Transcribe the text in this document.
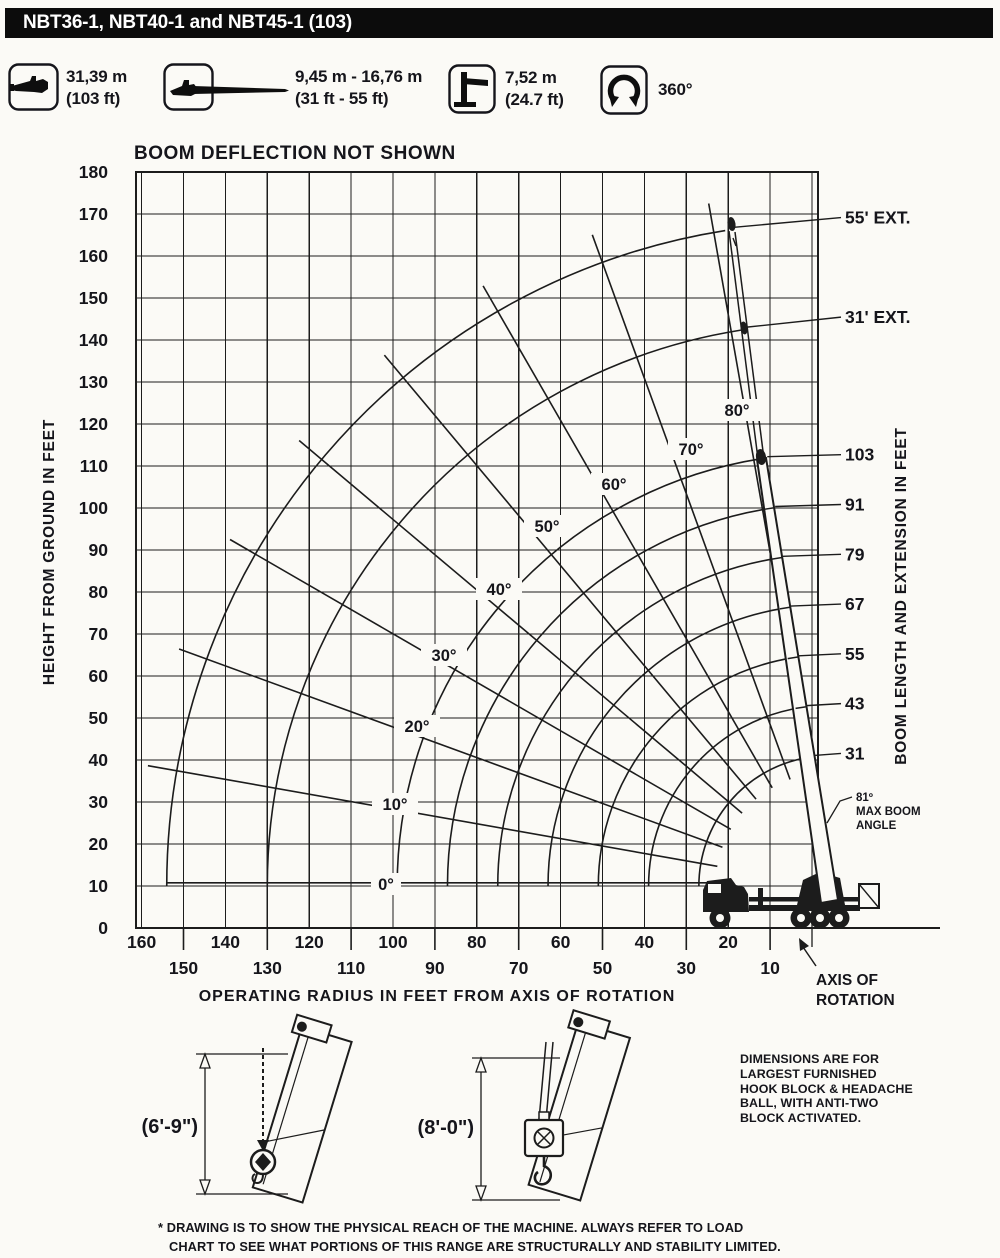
NBT36-1, NBT40-1 and NBT45-1 (103)
31,39 m
(103 ft)
9,45 m - 16,76 m
(31 ft - 55 ft)
7,52 m
(24.7 ft)
360°
31
43
55
67
79
91
103
31' EXT.
55' EXT.
0°
10°
20°
30°
40°
50°
60°
70°
80°
160
150
140
130
120
110
100
90
80
70
60
50
40
30
20
10
0
10
20
30
40
50
60
70
80
90
100
110
120
130
140
150
160
170
180
BOOM DEFLECTION NOT SHOWN
HEIGHT FROM GROUND IN FEET	BOOM LENGTH AND EXTENSION IN FEET
OPERATING RADIUS IN FEET FROM AXIS OF ROTATION
AXIS OF
ROTATION
81º
MAX BOOM
ANGLE
(6'-9")	(8'-0")
DIMENSIONS ARE FOR
LARGEST FURNISHED
HOOK BLOCK & HEADACHE
BALL, WITH ANTI-TWO
BLOCK ACTIVATED.
* DRAWING IS TO SHOW THE PHYSICAL REACH OF THE MACHINE. ALWAYS REFER TO LOAD
CHART TO SEE WHAT PORTIONS OF THIS RANGE ARE STRUCTURALLY AND STABILITY LIMITED.
